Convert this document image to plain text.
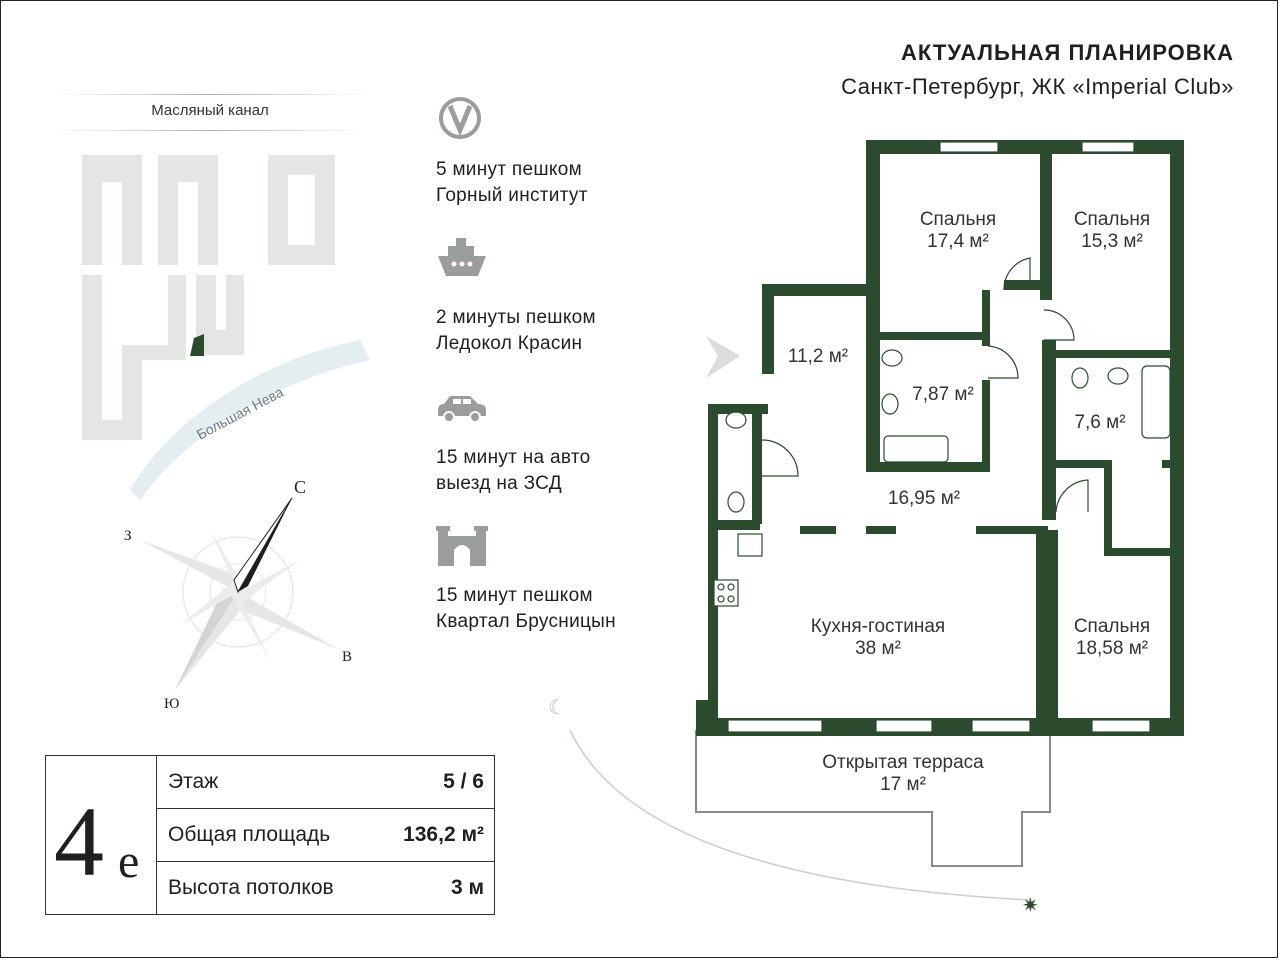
АКТУАЛЬНАЯ ПЛАНИРОВКА
Санкт-Петербург, ЖК «Imperial Club»
Масляный канал
Большая Нева
С
З
В
Ю
5 минут пешком
Горный институт
2 минуты пешком
Ледокол Красин
15 минут на авто
выезд на ЗСД
15 минут пешком
Квартал Брусницын
4 е
Этаж	5 / 6
Общая площадь	136,2 м²
Высота потолков	3 м
☾
✷
Спальня
17,4 м²
Спальня
15,3 м²
11,2 м²
7,87 м²
7,6 м²
16,95 м²
Кухня-гостиная
38 м²
Спальня
18,58 м²
Открытая терраса
17 м²
